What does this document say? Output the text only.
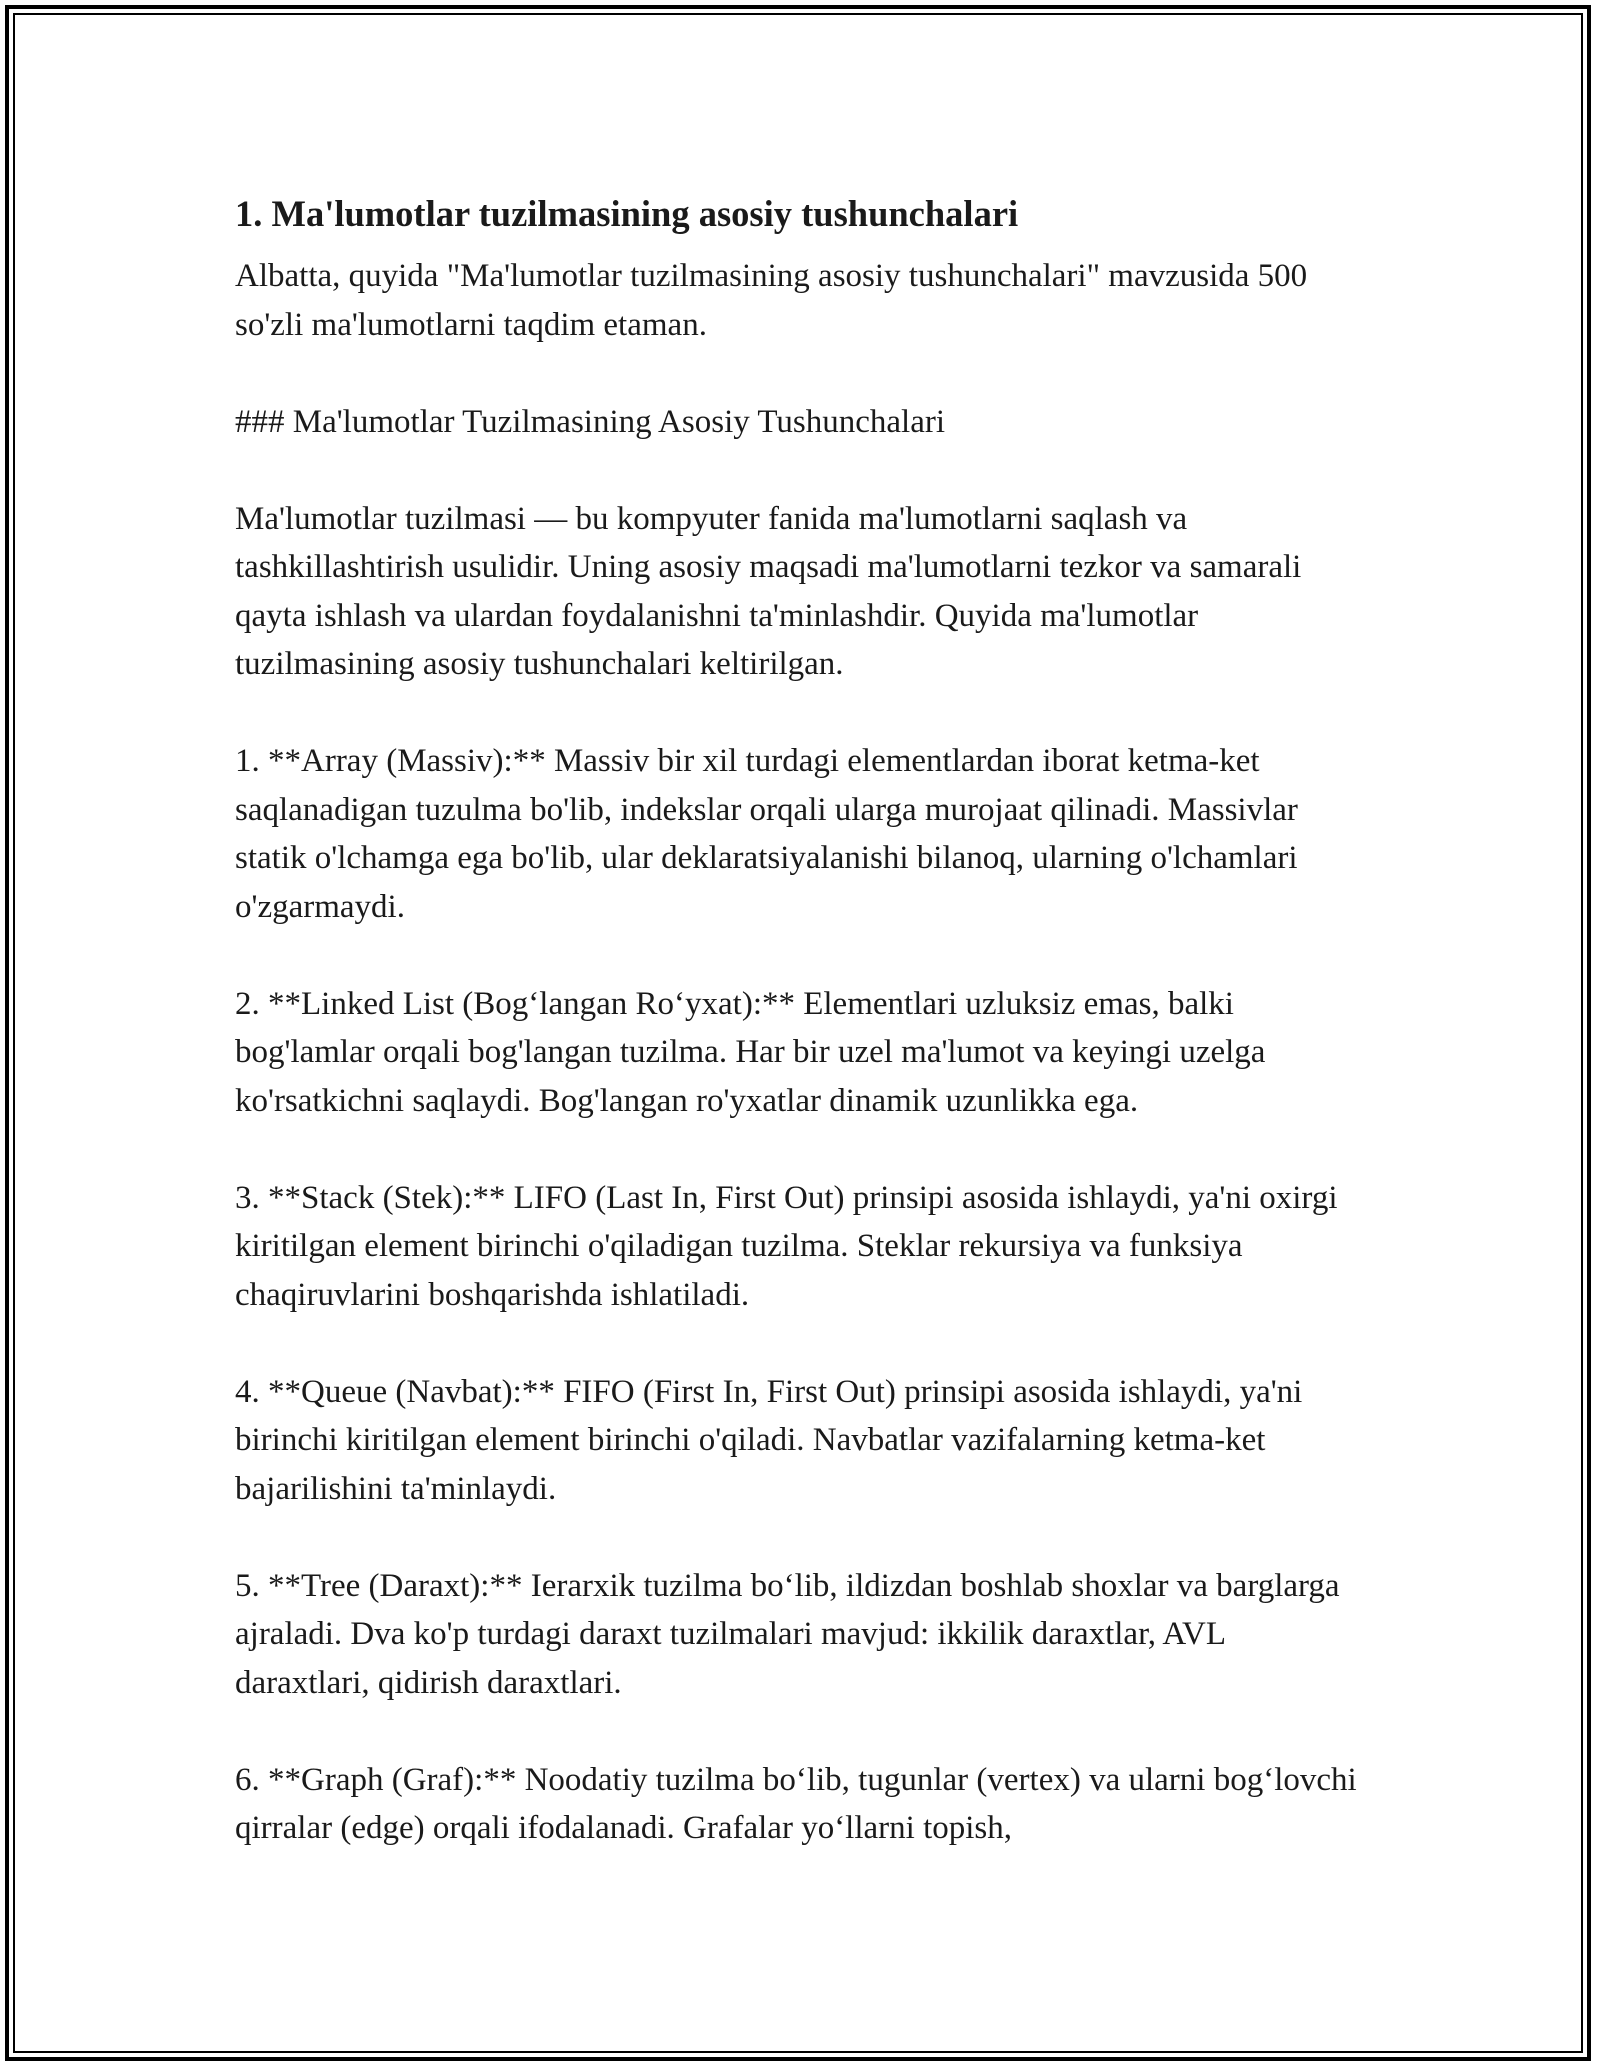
1. Ma'lumotlar tuzilmasining asosiy tushunchalari

Albatta, quyida "Ma'lumotlar tuzilmasining asosiy tushunchalari" mavzusida 500 so'zli ma'lumotlarni taqdim etaman.

### Ma'lumotlar Tuzilmasining Asosiy Tushunchalari

Ma'lumotlar tuzilmasi — bu kompyuter fanida ma'lumotlarni saqlash va tashkillashtirish usulidir. Uning asosiy maqsadi ma'lumotlarni tezkor va samarali qayta ishlash va ulardan foydalanishni ta'minlashdir. Quyida ma'lumotlar tuzilmasining asosiy tushunchalari keltirilgan.

1. **Array (Massiv):** Massiv bir xil turdagi elementlardan iborat ketma-ket saqlanadigan tuzulma bo'lib, indekslar orqali ularga murojaat qilinadi. Massivlar statik o'lchamga ega bo'lib, ular deklaratsiyalanishi bilanoq, ularning o'lchamlari o'zgarmaydi.

2. **Linked List (Bog‘langan Ro‘yxat):** Elementlari uzluksiz emas, balki bog'lamlar orqali bog'langan tuzilma. Har bir uzel ma'lumot va keyingi uzelga ko'rsatkichni saqlaydi. Bog'langan ro'yxatlar dinamik uzunlikka ega.

3. **Stack (Stek):** LIFO (Last In, First Out) prinsipi asosida ishlaydi, ya'ni oxirgi kiritilgan element birinchi o'qiladigan tuzilma. Steklar rekursiya va funksiya chaqiruvlarini boshqarishda ishlatiladi.

4. **Queue (Navbat):** FIFO (First In, First Out) prinsipi asosida ishlaydi, ya'ni birinchi kiritilgan element birinchi o'qiladi. Navbatlar vazifalarning ketma-ket bajarilishini ta'minlaydi.

5. **Tree (Daraxt):** Ierarxik tuzilma bo‘lib, ildizdan boshlab shoxlar va barglarga ajraladi. Dva ko'p turdagi daraxt tuzilmalari mavjud: ikkilik daraxtlar, AVL daraxtlari, qidirish daraxtlari.

6. **Graph (Graf):** Noodatiy tuzilma bo‘lib, tugunlar (vertex) va ularni bog‘lovchi qirralar (edge) orqali ifodalanadi. Grafalar yo‘llarni topish,
